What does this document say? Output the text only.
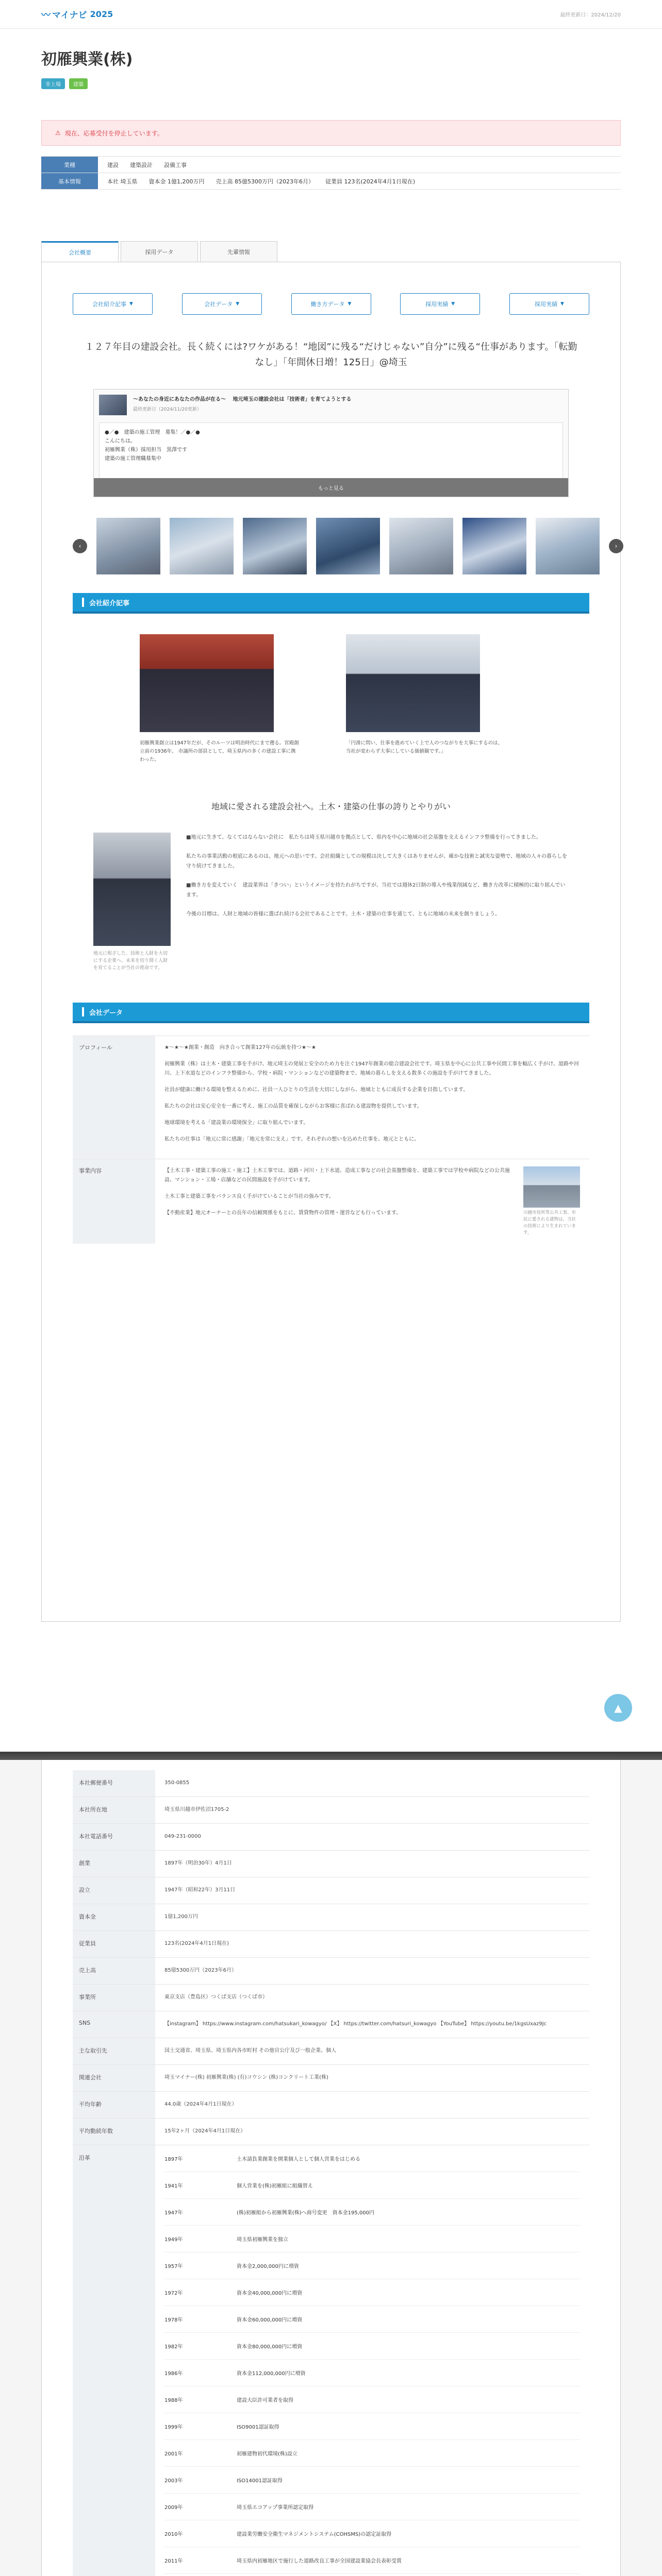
〰 マイナビ 2025	最終更新日：2024/12/20
初雁興業(株)
非上場	建築
⚠ 現在、応募受付を停止しています。
業種	建設 建築設計 設備工事
基本情報	本社 埼玉県 資本金 1億1,200万円 売上高 85億5300万円（2023年6月） 従業員 123名(2024年4月1日現在)
会社概要	採用データ	先輩情報
会社紹介記事 ▼	会社データ ▼	働き方データ ▼	採用実績 ▼	採用実績 ▼
１２７年目の建設会社。長く続くには?ワケがある！“地図”に残る“だけじゃない”自分”に残る“仕事があります。「転勤なし」「年間休日増！125日」@埼玉
～あなたの身近にあなたの作品が在る～　 地元埼玉の建設会社は「技術者」を育てようとする
最終更新日（2024/11/20更新）
●／●　建築の施工管理　募集！／●／●
こんにちは。
初雁興業（株）採用担当　黒澤です
建築の施工管理職募集中
もっと見る
‹	›
会社紹介記事
初雁興業創立は1947年だが、そのルーツは明治時代にまで遡る。宮殿創立前の1936年、 市議所の部員として、埼玉県内の多くの建設工事に携わった。
「円滑に問い、仕事を進めていく上で人のつながりを大事にするのは、当社が変わらず大事にしている価値観です。」
地域に愛される建設会社へ。土木・建築の仕事の誇りとやりがい
地元に根ざした、技術と人財を大切にする企業へ。未来を切り開く人財を育てることが当社の使命です。

■地元に生きて、なくてはならない会社に　私たちは埼玉県川越市を拠点として、県内を中心に地域の社会基盤を支えるインフラ整備を行ってきました。

私たちの事業活動の根底にあるのは、地元への思いです。会社組織としての規模は決して大きくはありませんが、確かな技術と誠実な姿勢で、地域の人々の暮らしを守り続けてきました。

■働き方を変えていく　建設業界は「きつい」というイメージを持たれがちですが、当社では週休2日制の導入や残業削減など、働き方改革に積極的に取り組んでいます。

今後の目標は、人財と地域の皆様に選ばれ続ける会社であることです。土木・建築の仕事を通じて、ともに地域の未来を創りましょう。

会社データ
プロフィール	★～★～★創業・創造　向き合って創業127年の伝統を持つ★～★

初雁興業（株）は土木・建築工事を手がけ、地元埼玉の発展と安全のため力を注ぐ1947年創業の総合建設会社です。埼玉県を中心に公共工事や民間工事を幅広く手がけ、道路や河川、上下水道などのインフラ整備から、学校・病院・マンションなどの建築物まで、地域の暮らしを支える数多くの施設を手がけてきました。

社員が健康に働ける環境を整えるために、社員一人ひとりの生活を大切にしながら、地域とともに成長する企業を目指しています。

私たちの会社は安心安全を一番に考え、施工の品質を確保しながらお客様に喜ばれる建設物を提供しています。

地球環境を考える「建設業の環境保全」に取り組んでいます。

私たちの仕事は「地元に常に感謝」「地元を常に支え」です。それぞれの想いを込めた仕事を、地元とともに。

事業内容	【土木工事・建築工事の施工・施工】土木工事では、道路・河川・上下水道、造成工事などの社会基盤整備を、建築工事では学校や病院などの公共施設、マンション・工場・店舗などの民間施設を手がけています。

土木工事と建築工事をバランス良く手がけていることが当社の強みです。

【不動産業】地元オーナーとの長年の信頼関係をもとに、賃貸物件の管理・運営なども行っています。	川越市役所等公共工事。市民に愛される建物は、当社の技術により生まれています。
▲
本社郵便番号	350-0855
本社所在地	埼玉県川越市伊佐沼1705-2
本社電話番号	049-231-0000
創業	1897年（明治30年）4月1日
設立	1947年（昭和22年）3月11日
資本金	1億1,200万円
従業員	123名(2024年4月1日現在)
売上高	85億5300万円（2023年6月）
事業所	東京支店（豊島区）つくば支店（つくば市）
SNS	【instagram】 https://www.instagram.com/hatsukari_kowagyo/ 【X】 https://twitter.com/hatsuri_kowagyo 【YouTube】 https://youtu.be/1kgsUxaz9Jc
主な取引先	国土交通省、埼玉県、埼玉県内各市町村 その他官公庁及び一般企業、個人
関連会社	埼玉マイナー(株) 初雁興業(株) (有)コウシン (株)コンクリート工業(株)
平均年齢	44.0歳（2024年4月1日現在）
平均勤続年数	15年2ヶ月（2024年4月1日現在）
沿革	1897年	土木請負業創業を開業個人として個人営業をはじめる
1941年	個人営業を(株)初雁組に組織替え
1947年	(株)初雁組から初雁興業(株)へ商号変更　資本金195,000円
1949年	埼玉県初雁興業を独立
1957年	資本金2,000,000円に増資
1972年	資本金40,000,000円に増資
1978年	資本金60,000,000円に増資
1982年	資本金80,000,000円に増資
1986年	資本金112,000,000円に増資
1988年	建設大臣許可業者を取得
1999年	ISO9001認証取得
2001年	初雁建物初代環境(株)設立
2003年	ISO14001認証取得
2009年	埼玉県エコアップ事業所認定取得
2010年	建設業労働安全衛生マネジメントシステム(COHSMS)の認定証取得
2011年	埼玉県内初雁地区で施行した道路改良工事が全国建設業協会長表彰受賞
